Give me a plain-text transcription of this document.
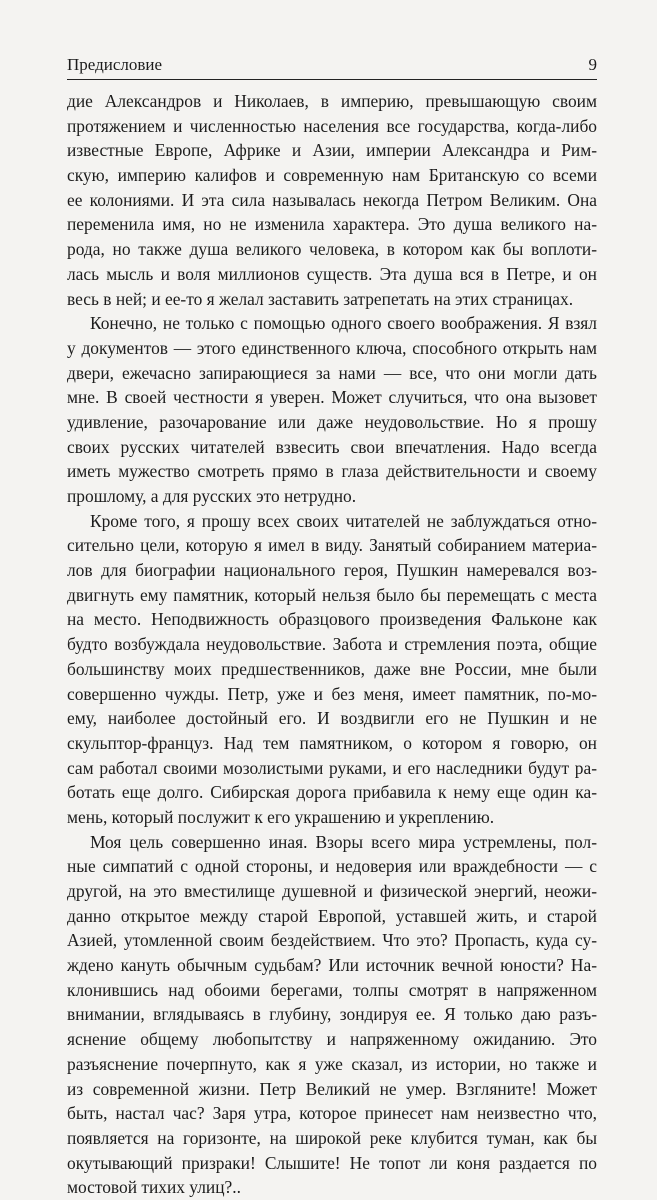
Предисловие	9
дие Александров и Николаев, в империю, превышающую своим
протяжением и численностью населения все государства, когда-либо
известные Европе, Африке и Азии, империи Александра и Рим-
скую, империю калифов и современную нам Британскую со всеми
ее колониями. И эта сила называлась некогда Петром Великим. Она
переменила имя, но не изменила характера. Это душа великого на-
рода, но также душа великого человека, в котором как бы воплоти-
лась мысль и воля миллионов существ. Эта душа вся в Петре, и он
весь в ней; и ее-то я желал заставить затрепетать на этих страницах.
Конечно, не только с помощью одного своего воображения. Я взял
у документов — этого единственного ключа, способного открыть нам
двери, ежечасно запирающиеся за нами — все, что они могли дать
мне. В своей честности я уверен. Может случиться, что она вызовет
удивление, разочарование или даже неудовольствие. Но я прошу
своих русских читателей взвесить свои впечатления. Надо всегда
иметь мужество смотреть прямо в глаза действительности и своему
прошлому, а для русских это нетрудно.
Кроме того, я прошу всех своих читателей не заблуждаться отно-
сительно цели, которую я имел в виду. Занятый собиранием материа-
лов для биографии национального героя, Пушкин намеревался воз-
двигнуть ему памятник, который нельзя было бы перемещать с места
на место. Неподвижность образцового произведения Фальконе как
будто возбуждала неудовольствие. Забота и стремления поэта, общие
большинству моих предшественников, даже вне России, мне были
совершенно чужды. Петр, уже и без меня, имеет памятник, по-мо-
ему, наиболее достойный его. И воздвигли его не Пушкин и не
скульптор-француз. Над тем памятником, о котором я говорю, он
сам работал своими мозолистыми руками, и его наследники будут ра-
ботать еще долго. Сибирская дорога прибавила к нему еще один ка-
мень, который послужит к его украшению и укреплению.
Моя цель совершенно иная. Взоры всего мира устремлены, пол-
ные симпатий с одной стороны, и недоверия или враждебности — с
другой, на это вместилище душевной и физической энергий, неожи-
данно открытое между старой Европой, уставшей жить, и старой
Азией, утомленной своим бездействием. Что это? Пропасть, куда су-
ждено кануть обычным судьбам? Или источник вечной юности? На-
клонившись над обоими берегами, толпы смотрят в напряженном
внимании, вглядываясь в глубину, зондируя ее. Я только даю разъ-
яснение общему любопытству и напряженному ожиданию. Это
разъяснение почерпнуто, как я уже сказал, из истории, но также и
из современной жизни. Петр Великий не умер. Взгляните! Может
быть, настал час? Заря утра, которое принесет нам неизвестно что,
появляется на горизонте, на широкой реке клубится туман, как бы
окутывающий призраки! Слышите! Не топот ли коня раздается по
мостовой тихих улиц?..
